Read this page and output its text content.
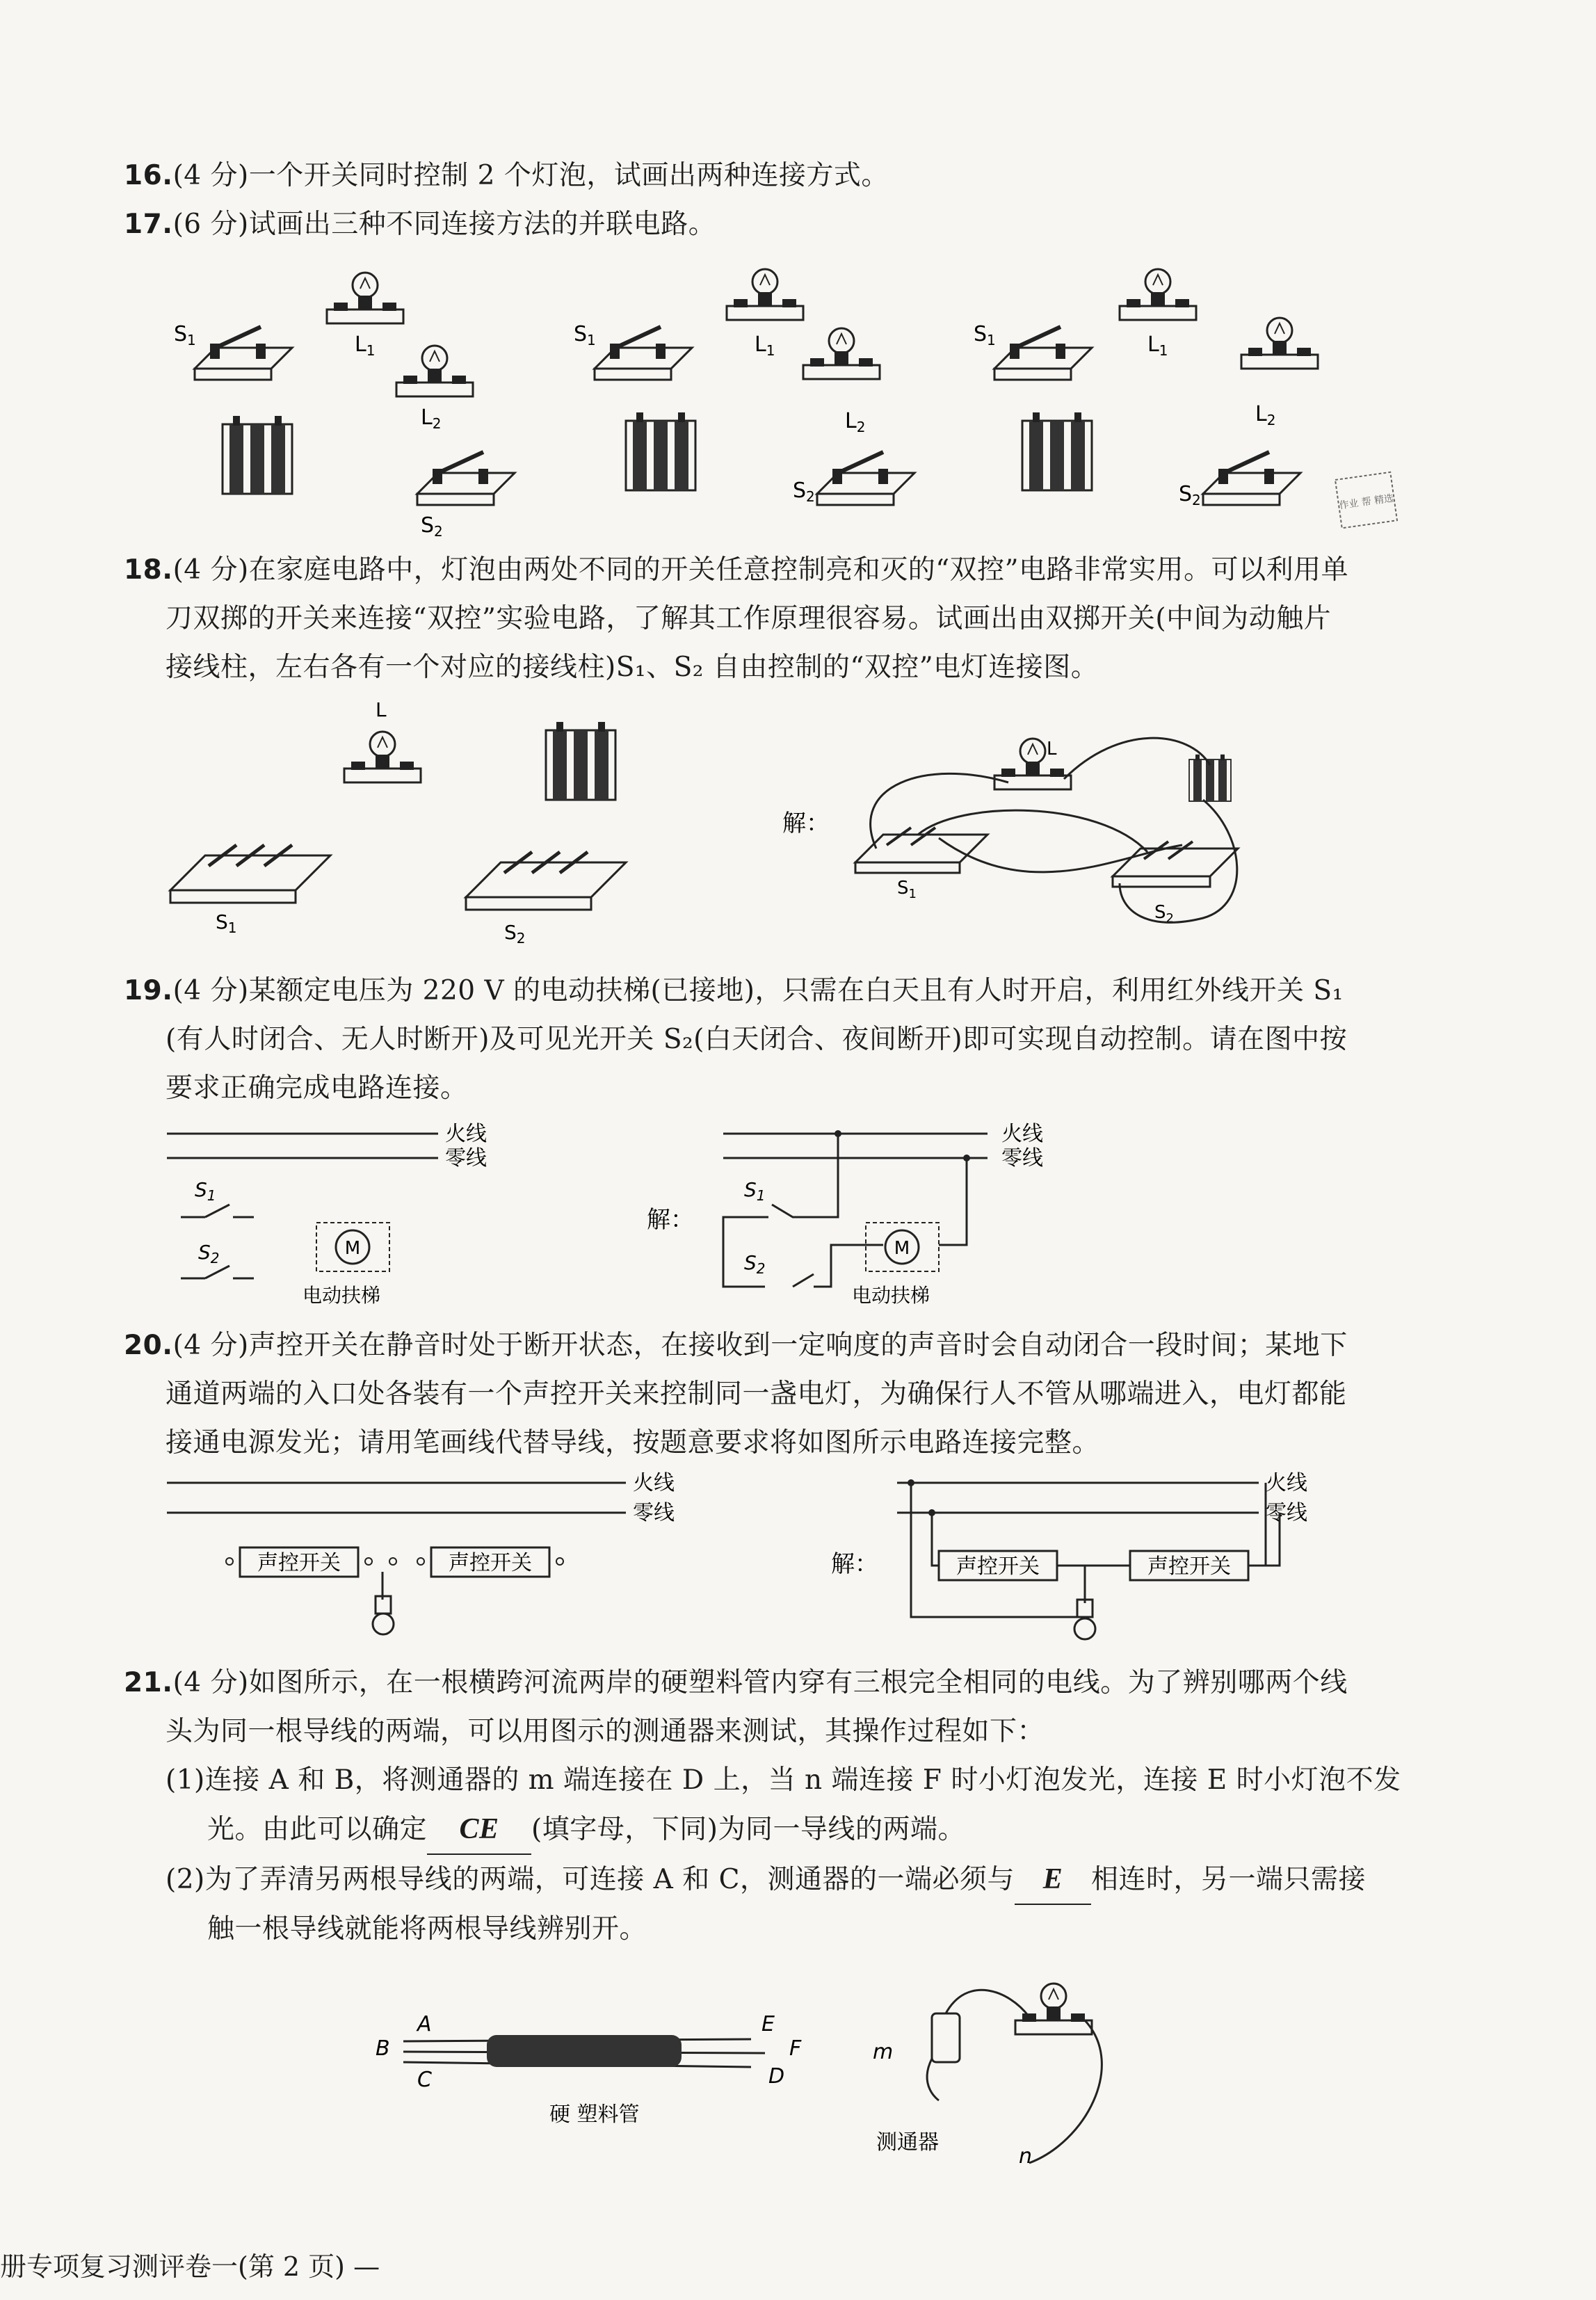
16.(4 分)一个开关同时控制 2 个灯泡，试画出两种连接方式。
17.(6 分)试画出三种不同连接方法的并联电路。
18.(4 分)在家庭电路中，灯泡由两处不同的开关任意控制亮和灭的“双控”电路非常实用。可以利用单
刀双掷的开关来连接“双控”实验电路，了解其工作原理很容易。试画出由双掷开关(中间为动触片
接线柱，左右各有一个对应的接线柱)S₁、S₂ 自由控制的“双控”电灯连接图。
19.(4 分)某额定电压为 220 V 的电动扶梯(已接地)，只需在白天且有人时开启，利用红外线开关 S₁
(有人时闭合、无人时断开)及可见光开关 S₂(白天闭合、夜间断开)即可实现自动控制。请在图中按
要求正确完成电路连接。
20.(4 分)声控开关在静音时处于断开状态，在接收到一定响度的声音时会自动闭合一段时间；某地下
通道两端的入口处各装有一个声控开关来控制同一盏电灯，为确保行人不管从哪端进入，电灯都能
接通电源发光；请用笔画线代替导线，按题意要求将如图所示电路连接完整。
21.(4 分)如图所示，在一根横跨河流两岸的硬塑料管内穿有三根完全相同的电线。为了辨别哪两个线
头为同一根导线的两端，可以用图示的测通器来测试，其操作过程如下：
(1)连接 A 和 B，将测通器的 m 端连接在 D 上，当 n 端连接 F 时小灯泡发光，连接 E 时小灯泡不发
光。由此可以确定 CE (填字母，下同)为同一导线的两端。
(2)为了弄清另两根导线的两端，可连接 A 和 C，测通器的一端必须与 E 相连时，另一端只需接
触一根导线就能将两根导线辨别开。
$S_1$	$L_1$
$L_2$
$S_2$
$S_1$	$L_1$
$L_2$
$S_2$
$S_1$	$L_1$
$L_2$
$S_2$	作业 帮 精选
L
$S_1$	$S_2$
解：
L
$S_1$
$S_2$
火线
零线
$S_1$
$S_2$	M
电动扶梯
解：
火线
零线
$S_1$
$S_2$
M
电动扶梯
火线
零线
声控开关	声控开关	解：
火线
零线
声控开关	声控开关
A
B
C
E
F
D
硬 塑料管
m
测通器
n
册专项复习测评卷一(第 2 页) —
